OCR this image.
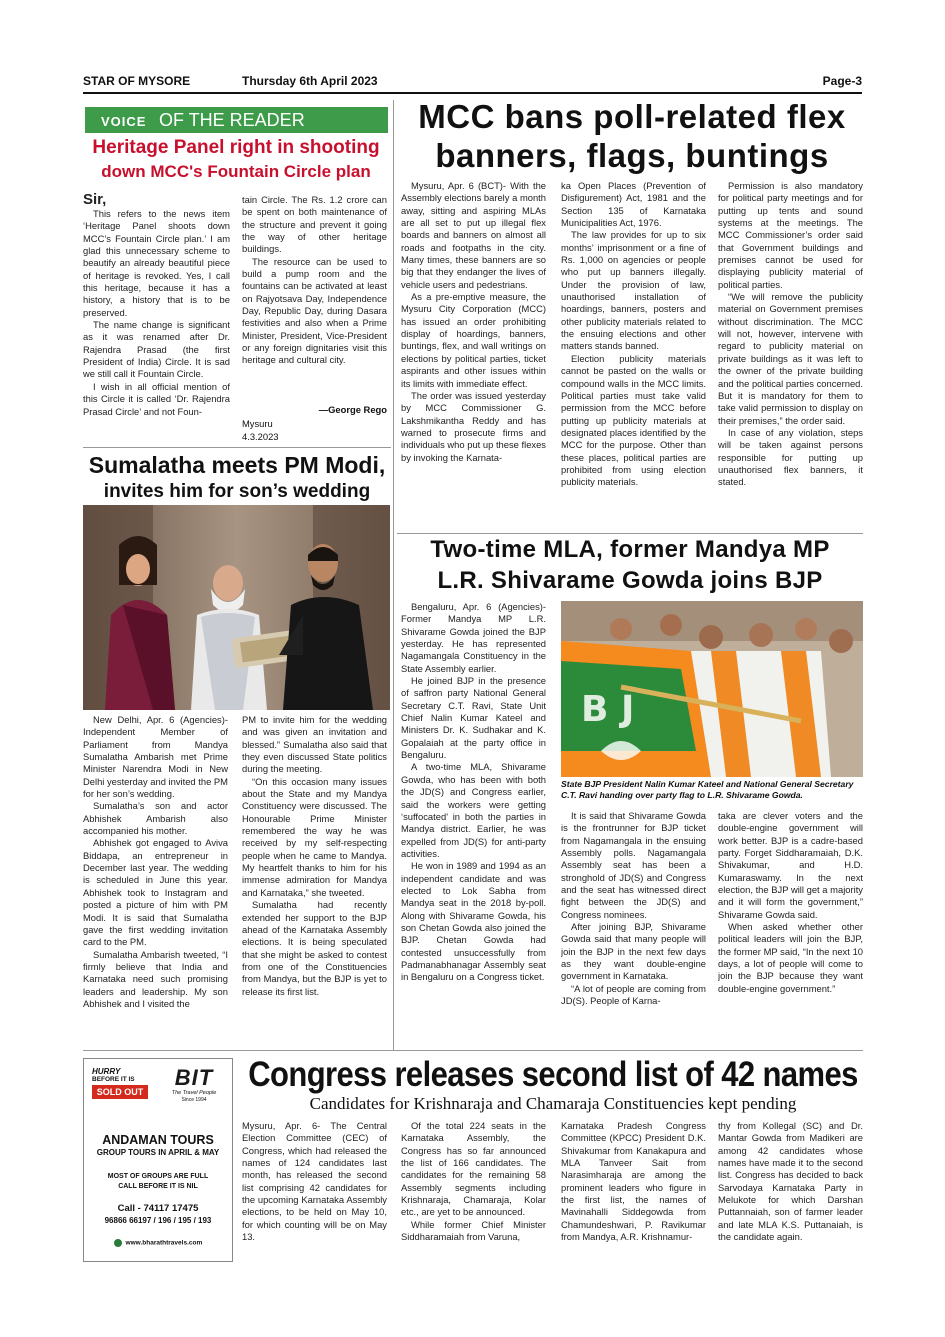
STAR OF MYSORE	Thursday 6th April 2023	Page-3
VOICE OF THE READER
Heritage Panel right in shooting
down MCC's Fountain Circle plan

Sir,

This refers to the news item ‘Heritage Panel shoots down MCC’s Fountain Circle plan.’ I am glad this unnecessary scheme to beautify an already beautiful piece of heritage is revoked. Yes, I call this heritage, because it has a history, a history that is to be preserved.

The name change is significant as it was renamed after Dr. Rajendra Prasad (the first President of India) Circle. It is sad we still call it Fountain Circle.

I wish in all official mention of this Circle it is called ‘Dr. Rajendra Prasad Circle’ and not Foun-

tain Circle. The Rs. 1.2 crore can be spent on both maintenance of the structure and prevent it going the way of other heritage buildings.

The resource can be used to build a pump room and the fountains can be activated at least on Rajyotsava Day, Independence Day, Republic Day, during Dasara festivities and also when a Prime Minister, President, Vice-President or any foreign dignitaries visit this heritage and cultural city.

—George Rego
Mysuru
4.3.2023
MCC bans poll-related flex
banners, flags, buntings

Mysuru, Apr. 6 (BCT)- With the Assembly elections barely a month away, sitting and aspiring MLAs are all set to put up illegal flex boards and banners on almost all roads and footpaths in the city. Many times, these banners are so big that they endanger the lives of vehicle users and pedestrians.

As a pre-emptive measure, the Mysuru City Corporation (MCC) has issued an order prohibiting display of hoardings, banners, buntings, flex, and wall writings on elections by political parties, ticket aspirants and other issues within its limits with immediate effect.

The order was issued yesterday by MCC Commissioner G. Lakshmikantha Reddy and has warned to prosecute firms and individuals who put up these flexes by invoking the Karnata-

ka Open Places (Prevention of Disfigurement) Act, 1981 and the Section 135 of Karnataka Municipalities Act, 1976.

The law provides for up to six months’ imprisonment or a fine of Rs. 1,000 on agencies or people who put up banners illegally. Under the provision of law, unauthorised installation of hoardings, banners, posters and other publicity materials related to the ensuing elections and other matters stands banned.

Election publicity materials cannot be pasted on the walls or compound walls in the MCC limits. Political parties must take valid permission from the MCC before putting up publicity materials at designated places identified by the MCC for the purpose. Other than these places, political parties are prohibited from using election publicity materials.

Permission is also mandatory for political party meetings and for putting up tents and sound systems at the meetings. The MCC Commissioner’s order said that Government buildings and premises cannot be used for displaying publicity material of political parties.

“We will remove the publicity material on Government premises without discrimination. The MCC will not, however, intervene with regard to publicity material on private buildings as it was left to the owner of the private building and the political parties concerned. But it is mandatory for them to take valid permission to display on their premises,” the order said.

In case of any violation, steps will be taken against persons responsible for putting up unauthorised flex banners, it stated.

Sumalatha meets PM Modi,
invites him for son’s wedding

New Delhi, Apr. 6 (Agencies)- Independent Member of Parliament from Mandya Sumalatha Ambarish met Prime Minister Narendra Modi in New Delhi yesterday and invited the PM for her son’s wedding.

Sumalatha’s son and actor Abhishek Ambarish also accompanied his mother.

Abhishek got engaged to Aviva Biddapa, an entrepreneur in December last year. The wedding is scheduled in June this year. Abhishek took to Instagram and posted a picture of him with PM Modi. It is said that Sumalatha gave the first wedding invitation card to the PM.

Sumalatha Ambarish tweeted, “I firmly believe that India and Karnataka need such promising leaders and leadership. My son Abhishek and I visited the

PM to invite him for the wedding and was given an invitation and blessed.” Sumalatha also said that they even discussed State politics during the meeting.

“On this occasion many issues about the State and my Mandya Constituency were discussed. The Honourable Prime Minister remembered the way he was received by my self-respecting people when he came to Mandya. My heartfelt thanks to him for his immense admiration for Mandya and Karnataka,” she tweeted.

Sumalatha had recently extended her support to the BJP ahead of the Karnataka Assembly elections. It is being speculated that she might be asked to contest from one of the Constituencies from Mandya, but the BJP is yet to release its first list.

Two-time MLA, former Mandya MP
L.R. Shivarame Gowda joins BJP

Bengaluru, Apr. 6 (Agencies)- Former Mandya MP L.R. Shivarame Gowda joined the BJP yesterday. He has represented Nagamangala Constituency in the State Assembly earlier.

He joined BJP in the presence of saffron party National General Secretary C.T. Ravi, State Unit Chief Nalin Kumar Kateel and Ministers Dr. K. Sudhakar and K. Gopalaiah at the party office in Bengaluru.

A two-time MLA, Shivarame Gowda, who has been with both the JD(S) and Congress earlier, said the workers were getting ‘suffocated’ in both the parties in Mandya district. Earlier, he was expelled from JD(S) for anti-party activities.

He won in 1989 and 1994 as an independent candidate and was elected to Lok Sabha from Mandya seat in the 2018 by-poll. Along with Shivarame Gowda, his son Chetan Gowda also joined the BJP. Chetan Gowda had contested unsuccessfully from Padmanabhanagar Assembly seat in Bengaluru on a Congress ticket.

B J
State BJP President Nalin Kumar Kateel and National General Secretary C.T. Ravi handing over party flag to L.R. Shivarame Gowda.

It is said that Shivarame Gowda is the frontrunner for BJP ticket from Nagamangala in the ensuing Assembly polls. Nagamangala Assembly seat has been a stronghold of JD(S) and Congress and the seat has witnessed direct fight between the JD(S) and Congress nominees.

After joining BJP, Shivarame Gowda said that many people will join the BJP in the next few days as they want double-engine government in Karnataka.

“A lot of people are coming from JD(S). People of Karna-

taka are clever voters and the double-engine government will work better. BJP is a cadre-based party. Forget Siddharamaiah, D.K. Shivakumar, and H.D. Kumaraswamy. In the next election, the BJP will get a majority and it will form the government,” Shivarame Gowda said.

When asked whether other political leaders will join the BJP, the former MP said, “In the next 10 days, a lot of people will come to join the BJP because they want double-engine government.”

Congress releases second list of 42 names
Candidates for Krishnaraja and Chamaraja Constituencies kept pending

Mysuru, Apr. 6- The Central Election Committee (CEC) of Congress, which had released the names of 124 candidates last month, has released the second list comprising 42 candidates for the upcoming Karnataka Assembly elections, to be held on May 10, for which counting will be on May 13.

Of the total 224 seats in the Karnataka Assembly, the Congress has so far announced the list of 166 candidates. The candidates for the remaining 58 Assembly segments including Krishnaraja, Chamaraja, Kolar etc., are yet to be announced.

While former Chief Minister Siddharamaiah from Varuna,

Karnataka Pradesh Congress Committee (KPCC) President D.K. Shivakumar from Kanakapura and MLA Tanveer Sait from Narasimharaja are among the prominent leaders who figure in the first list, the names of Mavinahalli Siddegowda from Chamundeshwari, P. Ravikumar from Mandya, A.R. Krishnamur-

thy from Kollegal (SC) and Dr. Mantar Gowda from Madikeri are among 42 candidates whose names have made it to the second list. Congress has decided to back Sarvodaya Karnataka Party in Melukote for which Darshan Puttannaiah, son of farmer leader and late MLA K.S. Puttanaiah, is the candidate again.

HURRY
BEFORE IT IS
SOLD OUT
BIT
The Travel People
Since 1994
ANDAMAN TOURS
GROUP TOURS IN APRIL & MAY
MOST OF GROUPS ARE FULL
CALL BEFORE IT IS NIL
Call - 74117 17475
96866 66197 / 196 / 195 / 193
www.bharathtravels.com
